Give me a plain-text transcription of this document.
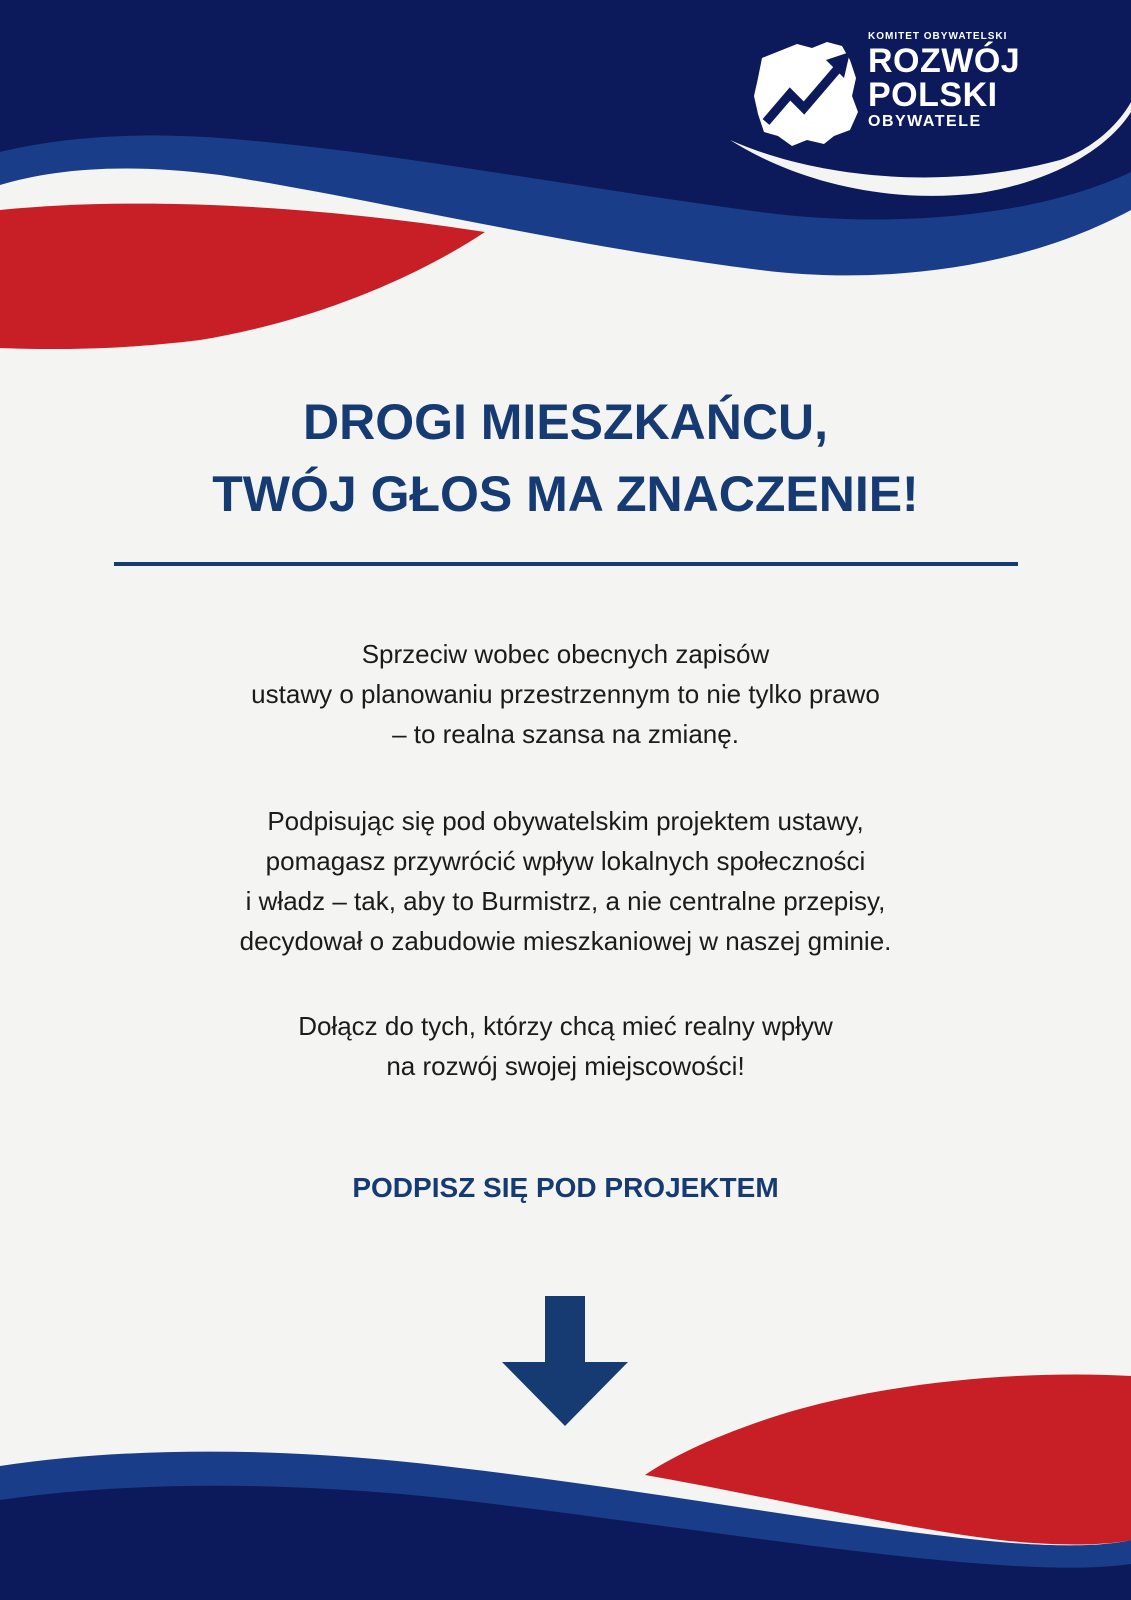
KOMITET OBYWATELSKI
ROZWÓJ
POLSKI
OBYWATELE
DROGI MIESZKAŃCU,
TWÓJ GŁOS MA ZNACZENIE!
Sprzeciw wobec obecnych zapisów
ustawy o planowaniu przestrzennym to nie tylko prawo
– to realna szansa na zmianę.
Podpisując się pod obywatelskim projektem ustawy,
pomagasz przywrócić wpływ lokalnych społeczności
i władz – tak, aby to Burmistrz, a nie centralne przepisy,
decydował o zabudowie mieszkaniowej w naszej gminie.
Dołącz do tych, którzy chcą mieć realny wpływ
na rozwój swojej miejscowości!
PODPISZ SIĘ POD PROJEKTEM
